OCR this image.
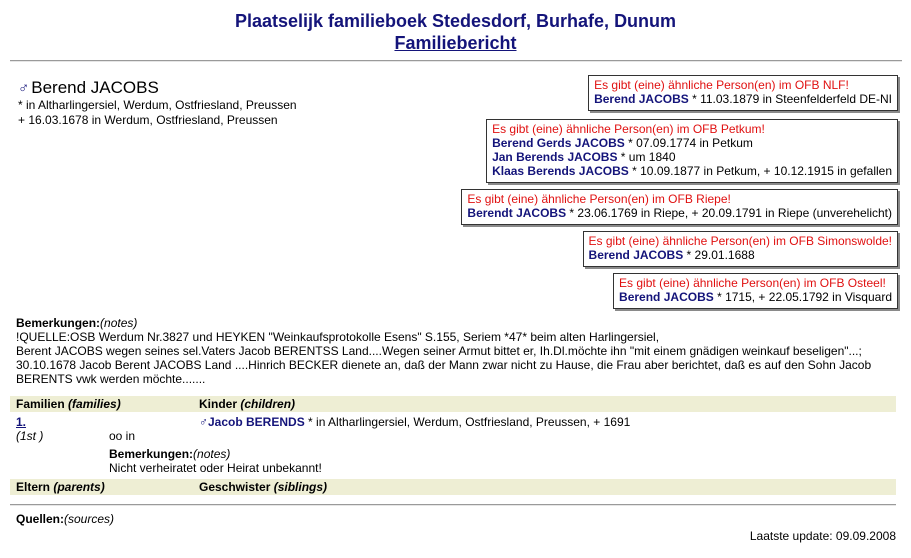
Plaatselijk familieboek Stedesdorf, Burhafe, Dunum
Familiebericht
♂ Berend JACOBS
* in Altharlingersiel, Werdum, Ostfriesland, Preussen
+ 16.03.1678 in Werdum, Ostfriesland, Preussen
Es gibt (eine) ähnliche Person(en) im OFB NLF!
Berend JACOBS * 11.03.1879 in Steenfelderfeld DE-NI
Es gibt (eine) ähnliche Person(en) im OFB Petkum!
Berend Gerds JACOBS * 07.09.1774 in Petkum
Jan Berends JACOBS * um 1840
Klaas Berends JACOBS * 10.09.1877 in Petkum, + 10.12.1915 in gefallen
Es gibt (eine) ähnliche Person(en) im OFB Riepe!
Berendt JACOBS * 23.06.1769 in Riepe, + 20.09.1791 in Riepe (unverehelicht)
Es gibt (eine) ähnliche Person(en) im OFB Simonswolde!
Berend JACOBS * 29.01.1688
Es gibt (eine) ähnliche Person(en) im OFB Osteel!
Berend JACOBS * 1715, + 22.05.1792 in Visquard
Bemerkungen:(notes)
!QUELLE:OSB Werdum Nr.3827 und HEYKEN "Weinkaufsprotokolle Esens" S.155, Seriem *47* beim alten Harlingersiel,
Berent JACOBS wegen seines sel.Vaters Jacob BERENTSS Land....Wegen seiner Armut bittet er, Ih.Dl.möchte ihn "mit einem gnädigen weinkauf beseligen"...;
30.10.1678 Jacob Berent JACOBS Land ....Hinrich BECKER dienete an, daß der Mann zwar nicht zu Hause, die Frau aber berichtet, daß es auf den Sohn Jacob
BERENTS vwk werden möchte.......
Familien (families)	Kinder (children)
1.
(1st )	oo in
♂Jacob BERENDS * in Altharlingersiel, Werdum, Ostfriesland, Preussen, + 1691
Bemerkungen:(notes)
Nicht verheiratet oder Heirat unbekannt!
Eltern (parents)	Geschwister (siblings)
Quellen:(sources)
Laatste update: 09.09.2008
